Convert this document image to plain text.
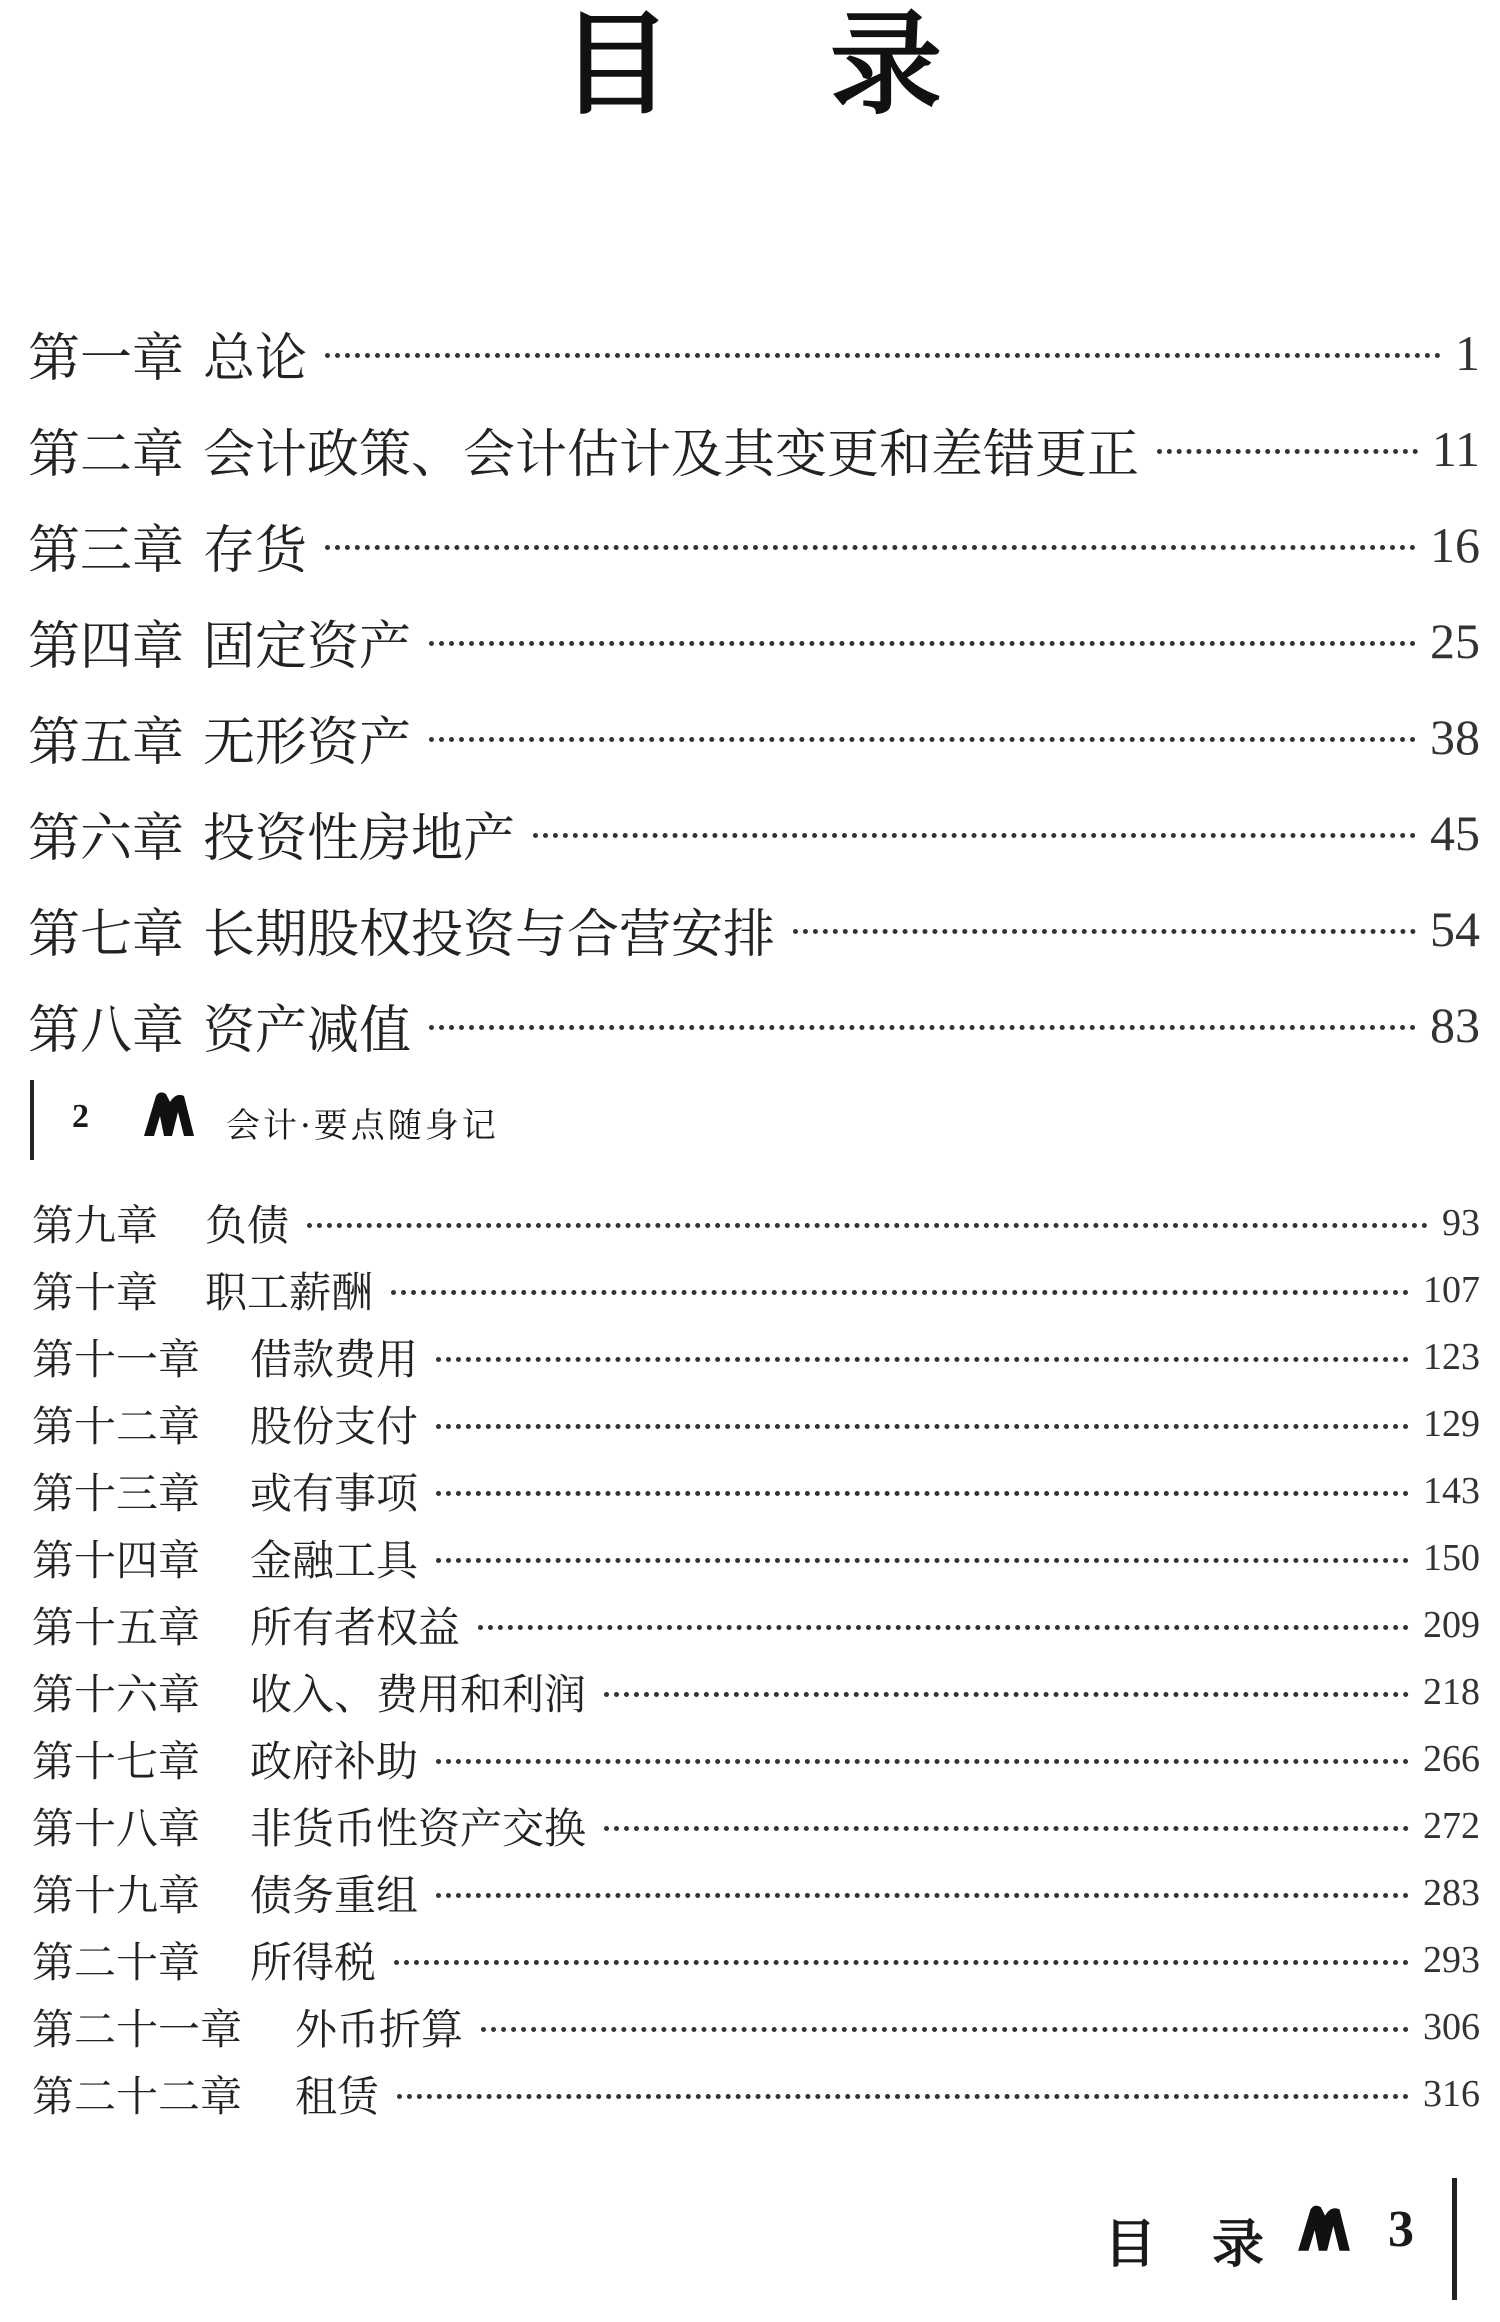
目 录
第一章 总论	1
第二章 会计政策、会计估计及其变更和差错更正	11
第三章 存货	16
第四章 固定资产	25
第五章 无形资产	38
第六章 投资性房地产	45
第七章 长期股权投资与合营安排	54
第八章 资产减值	83
2	会计·要点随身记
第九章 负债	93
第十章 职工薪酬	107
第十一章 借款费用	123
第十二章 股份支付	129
第十三章 或有事项	143
第十四章 金融工具	150
第十五章 所有者权益	209
第十六章 收入、费用和利润	218
第十七章 政府补助	266
第十八章 非货币性资产交换	272
第十九章 债务重组	283
第二十章 所得税	293
第二十一章 外币折算	306
第二十二章 租赁	316
目 录 3
